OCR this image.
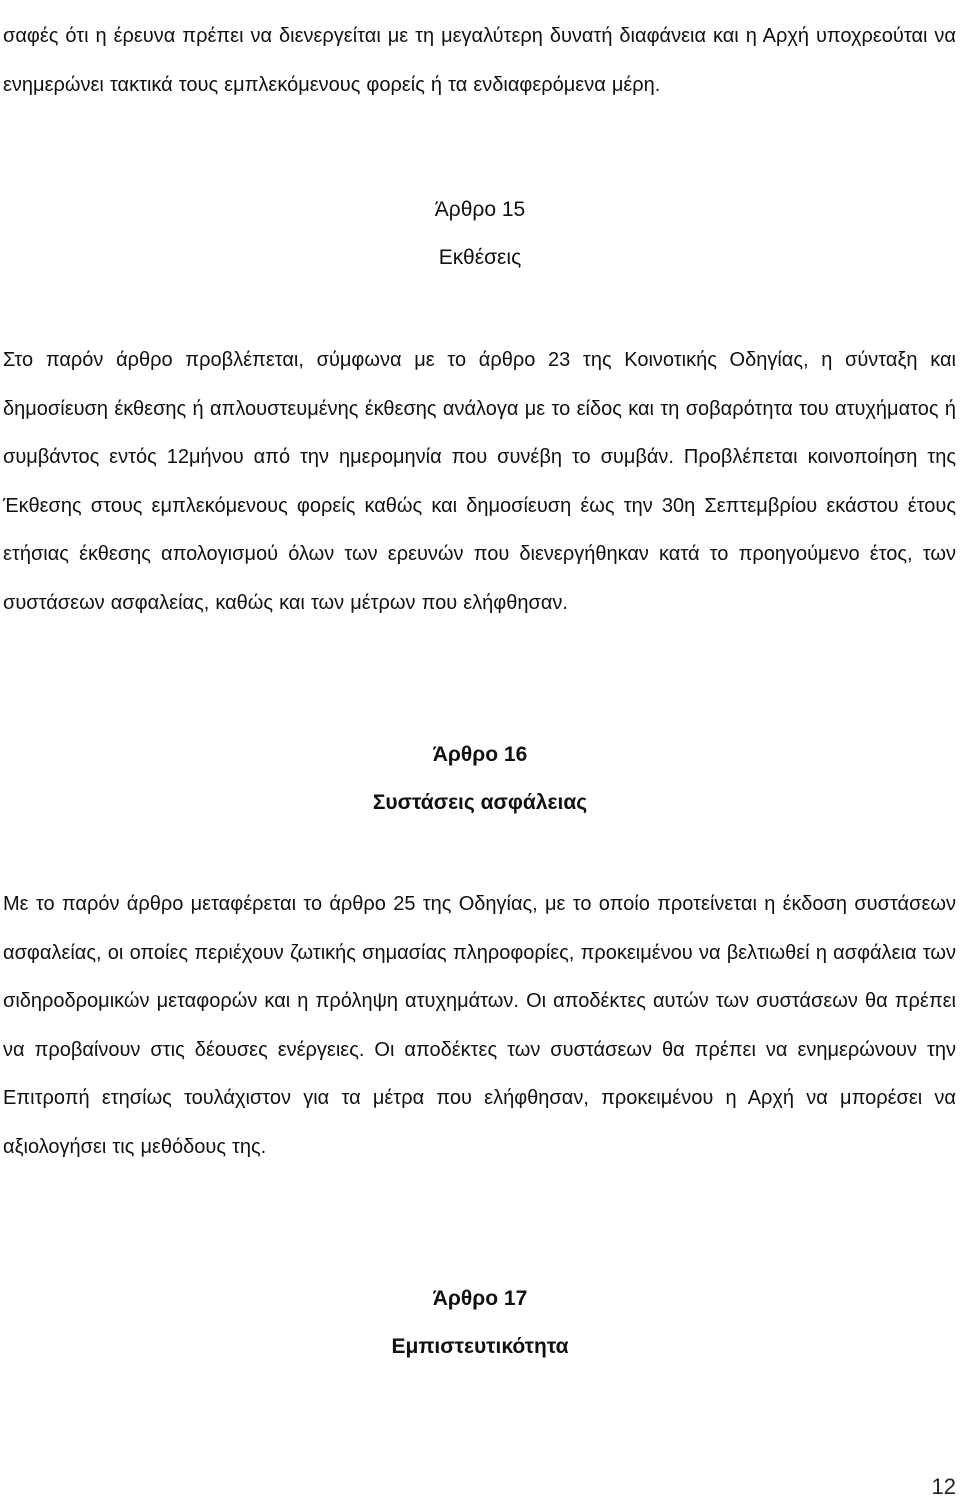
σαφές ότι η έρευνα πρέπει να διενεργείται με τη μεγαλύτερη δυνατή διαφάνεια και η Αρχή υποχρεούται να ενημερώνει τακτικά τους εμπλεκόμενους φορείς ή τα ενδιαφερόμενα μέρη.

Άρθρο 15
Εκθέσεις

Στο παρόν άρθρο προβλέπεται, σύμφωνα με το άρθρο 23 της Κοινοτικής Οδηγίας, η σύνταξη και δημοσίευση έκθεσης ή απλουστευμένης έκθεσης ανάλογα με το είδος και τη σοβαρότητα του ατυχήματος ή συμβάντος εντός 12μήνου από την ημερομηνία που συνέβη το συμβάν. Προβλέπεται κοινοποίηση της Έκθεσης στους εμπλεκόμενους φορείς καθώς και δημοσίευση έως την 30η Σεπτεμβρίου εκάστου έτους ετήσιας έκθεσης απολογισμού όλων των ερευνών που διενεργήθηκαν κατά το προηγούμενο έτος, των συστάσεων ασφαλείας, καθώς και των μέτρων που ελήφθησαν.

Άρθρο 16
Συστάσεις ασφάλειας

Με το παρόν άρθρο μεταφέρεται το άρθρο 25 της Οδηγίας, με το οποίο προτείνεται η έκδοση συστάσεων ασφαλείας, οι οποίες περιέχουν ζωτικής σημασίας πληροφορίες, προκειμένου να βελτιωθεί η ασφάλεια των σιδηροδρομικών μεταφορών και η πρόληψη ατυχημάτων. Οι αποδέκτες αυτών των συστάσεων θα πρέπει να προβαίνουν στις δέουσες ενέργειες. Οι αποδέκτες των συστάσεων θα πρέπει να ενημερώνουν την Επιτροπή ετησίως τουλάχιστον για τα μέτρα που ελήφθησαν, προκειμένου η Αρχή να μπορέσει να αξιολογήσει τις μεθόδους της.

Άρθρο 17
Εμπιστευτικότητα
12
